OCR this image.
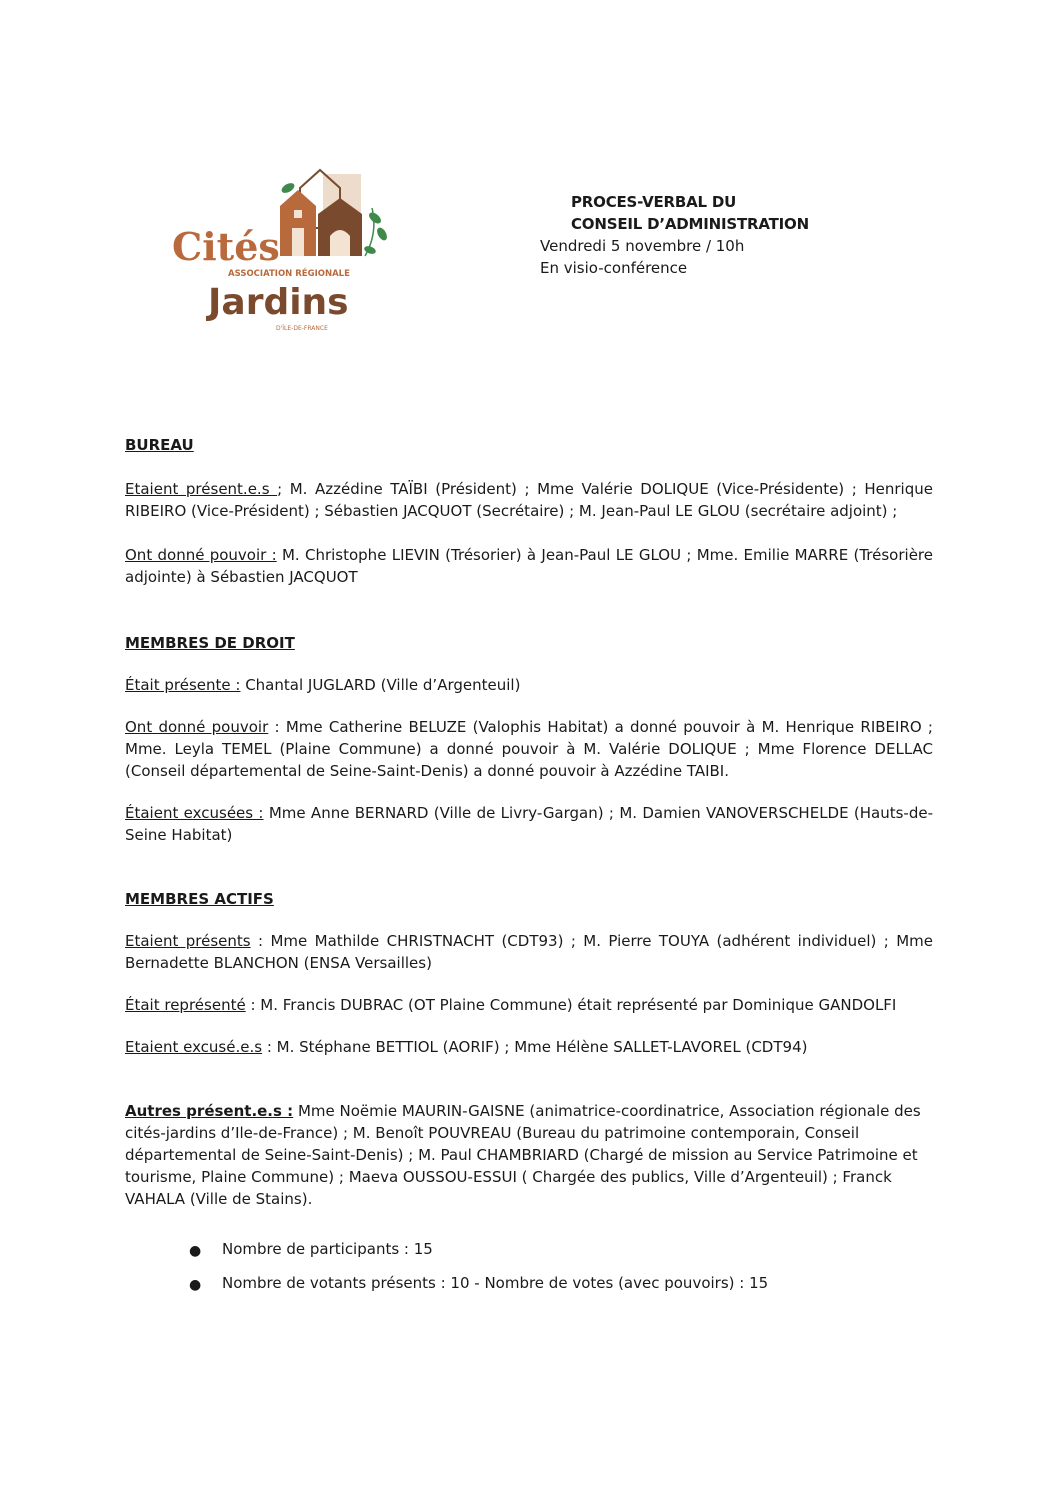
Cités
ASSOCIATION RÉGIONALE
Jardins
D'ÎLE-DE-FRANCE
PROCES-VERBAL DU
CONSEIL D’ADMINISTRATION
Vendredi 5 novembre / 10h
En visio-conférence

BUREAU

Etaient présent.e.s ; M. Azzédine TAÏBI (Président) ; Mme Valérie DOLIQUE (Vice-Présidente) ; Henrique RIBEIRO (Vice-Président) ; Sébastien JACQUOT (Secrétaire) ; M. Jean-Paul LE GLOU (secrétaire adjoint) ;

Ont donné pouvoir : M. Christophe LIEVIN (Trésorier) à Jean-Paul LE GLOU ; Mme. Emilie MARRE (Trésorière adjointe) à Sébastien JACQUOT

MEMBRES DE DROIT

Était présente : Chantal JUGLARD (Ville d’Argenteuil)

Ont donné pouvoir : Mme Catherine BELUZE (Valophis Habitat) a donné pouvoir à M. Henrique RIBEIRO ; Mme. Leyla TEMEL (Plaine Commune) a donné pouvoir à M. Valérie DOLIQUE ; Mme Florence DELLAC (Conseil départemental de Seine-Saint-Denis) a donné pouvoir à Azzédine TAIBI.

Étaient excusées : Mme Anne BERNARD (Ville de Livry-Gargan) ; M. Damien VANOVERSCHELDE (Hauts-de-Seine Habitat)

MEMBRES ACTIFS

Etaient présents : Mme Mathilde CHRISTNACHT (CDT93) ; M. Pierre TOUYA (adhérent individuel) ; Mme Bernadette BLANCHON (ENSA Versailles)

Était représenté : M. Francis DUBRAC (OT Plaine Commune) était représenté par Dominique GANDOLFI

Etaient excusé.e.s : M. Stéphane BETTIOL (AORIF) ; Mme Hélène SALLET-LAVOREL (CDT94)

Autres présent.e.s : Mme Noëmie MAURIN-GAISNE (animatrice-coordinatrice, Association régionale des cités-jardins d’Ile-de-France) ; M. Benoît POUVREAU (Bureau du patrimoine contemporain, Conseil départemental de Seine-Saint-Denis) ; M. Paul CHAMBRIARD (Chargé de mission au Service Patrimoine et tourisme, Plaine Commune) ; Maeva OUSSOU-ESSUI ( Chargée des publics, Ville d’Argenteuil) ; Franck VAHALA (Ville de Stains).

● Nombre de participants : 15
● Nombre de votants présents : 10 - Nombre de votes (avec pouvoirs) : 15
